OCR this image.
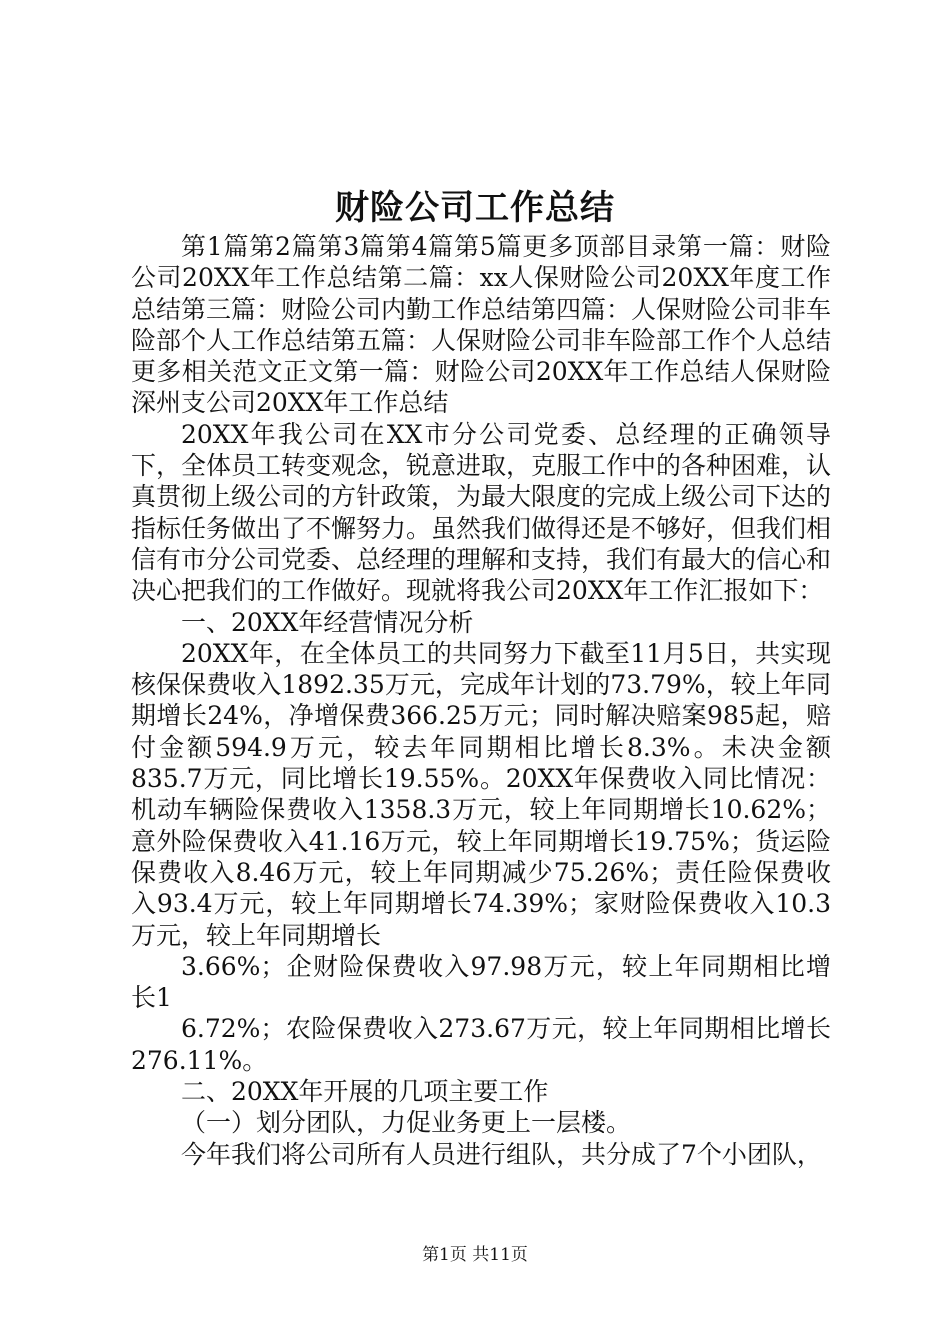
财险公司工作总结

第1篇第2篇第3篇第4篇第5篇更多顶部目录第一篇：财险公司20XX年工作总结第二篇：xx人保财险公司20XX年度工作总结第三篇：财险公司内勤工作总结第四篇：人保财险公司非车险部个人工作总结第五篇：人保财险公司非车险部工作个人总结更多相关范文正文第一篇：财险公司20XX年工作总结人保财险深州支公司20XX年工作总结

20XX年我公司在XX市分公司党委、总经理的正确领导下，全体员工转变观念，锐意进取，克服工作中的各种困难，认真贯彻上级公司的方针政策，为最大限度的完成上级公司下达的指标任务做出了不懈努力。虽然我们做得还是不够好，但我们相信有市分公司党委、总经理的理解和支持，我们有最大的信心和决心把我们的工作做好。现就将我公司20XX年工作汇报如下：

一、20XX年经营情况分析

20XX年，在全体员工的共同努力下截至11月5日，共实现核保保费收入1892.35万元，完成年计划的73.79%，较上年同期增长24%，净增保费366.25万元；同时解决赔案985起，赔付金额594.9万元，较去年同期相比增长8.3%。未决金额835.7万元，同比增长19.55%。20XX年保费收入同比情况：机动车辆险保费收入1358.3万元，较上年同期增长10.62%；意外险保费收入41.16万元，较上年同期增长19.75%；货运险保费收入8.46万元，较上年同期减少75.26%；责任险保费收入93.4万元，较上年同期增长74.39%；家财险保费收入10.3万元，较上年同期增长

3.66%；企财险保费收入97.98万元，较上年同期相比增长1

6.72%；农险保费收入273.67万元，较上年同期相比增长276.11%。

二、20XX年开展的几项主要工作

（一）划分团队，力促业务更上一层楼。

今年我们将公司所有人员进行组队，共分成了7个小团队，

第1页 共11页
